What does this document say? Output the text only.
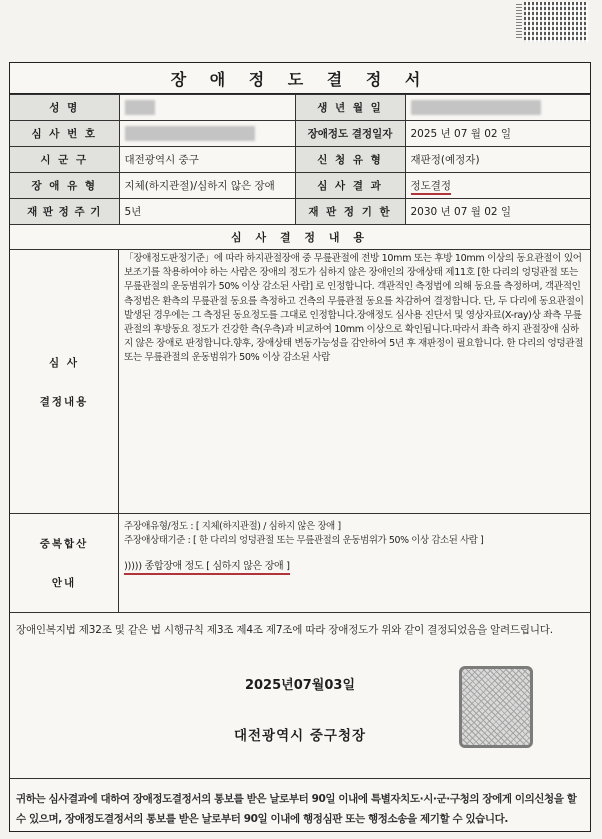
장 애 정 도 결 정 서
성 명		생 년 월 일	
심 사 번 호		장애정도 결정일자	2025 년 07 월 02 일
시 군 구	대전광역시 중구	신 청 유 형	재판정(예정자)
장 애 유 형	지체(하지관절)/심하지 않은 장애	심 사 결 과	정도결정
재 판 정 주 기	5년	재 판 정 기 한	2030 년 07 월 02 일
심 사 결 정 내 용
심 사
결정내용
「장애정도판정기준」에 따라 하지관절장애 중 무릎관절에 전방 10mm 또는 후방 10mm 이상의 동요관절이 있어 보조기를 착용하여야 하는 사람은 장애의 정도가 심하지 않은 장애인의 장애상태 제11호 [한 다리의 엉덩관절 또는 무릎관절의 운동범위가 50% 이상 감소된 사람] 로 인정합니다. 객관적인 측정법에 의해 동요를 측정하며, 객관적인 측정법은 환측의 무릎관절 동요를 측정하고 건측의 무릎관절 동요를 차감하여 결정합니다. 단, 두 다리에 동요관절이 발생된 경우에는 그 측정된 동요정도를 그대로 인정합니다.장애정도 심사용 진단서 및 영상자료(X-ray)상 좌측 무릎관절의 후방동요 정도가 건강한 측(우측)과 비교하여 10mm 이상으로 확인됩니다.따라서 좌측 하지 관절장애 심하지 않은 장애로 판정합니다.향후, 장애상태 변동가능성을 감안하여 5년 후 재판정이 필요합니다. 한 다리의 엉덩관절 또는 무릎관절의 운동범위가 50% 이상 감소된 사람
중복합산
안내
주장애유형/정도 : [ 지체(하지관절) / 심하지 않은 장애 ]
주장애상태기준 : [ 한 다리의 엉덩관절 또는 무릎관절의 운동범위가 50% 이상 감소된 사람 ]
))))) 종합장애 정도 [ 심하지 않은 장애 ]
장애인복지법 제32조 및 같은 법 시행규칙 제3조 제4조 제7조에 따라 장애정도가 위와 같이 결정되었음을 알려드립니다.
2025년07월03일
대전광역시 중구청장
귀하는 심사결과에 대하여 장애정도결정서의 통보를 받은 날로부터 90일 이내에 특별자치도·시·군·구청의 장에게 이의신청을 할 수 있으며, 장애정도결정서의 통보를 받은 날로부터 90일 이내에 행정심판 또는 행정소송을 제기할 수 있습니다.
